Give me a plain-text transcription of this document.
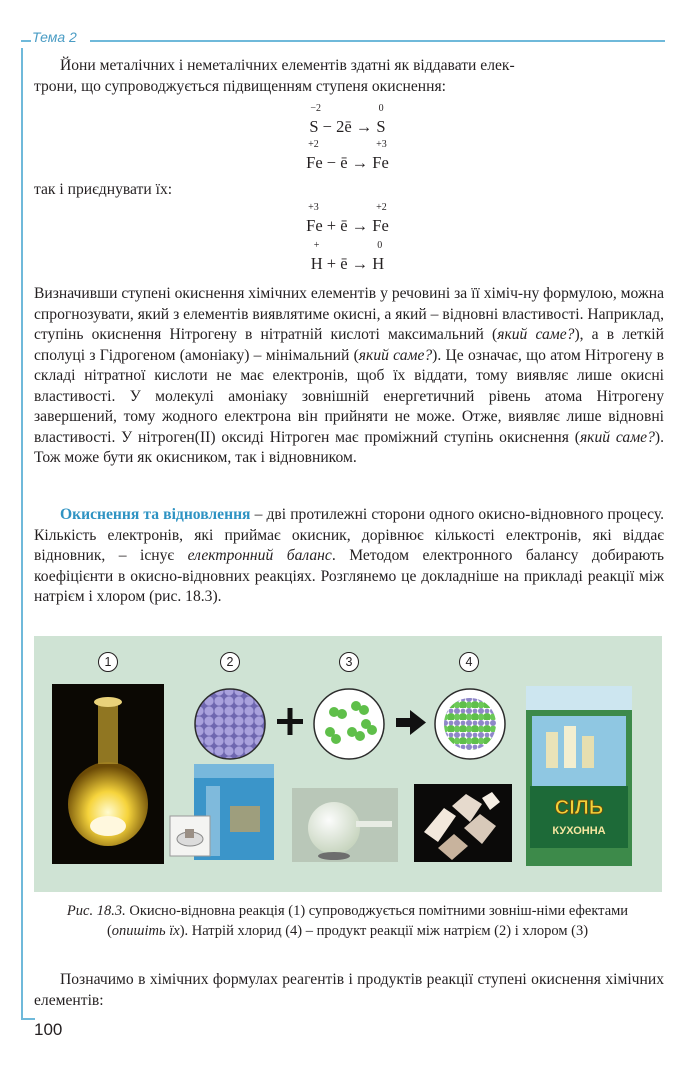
Тема 2
Йони металічних і неметалічних елементів здатні як віддавати елек-
трони, що супроводжується підвищенням ступеня окиснення:
−2	0
S − 2ē → S
+2	+3
Fe − ē → Fe
так і приєднувати їх:
+3	+2
Fe + ē → Fe
+	0
H + ē → H
Визначивши ступені окиснення хімічних елементів у речовині за її хіміч-ну формулою, можна спрогнозувати, який з елементів виявлятиме окисні, а який – відновні властивості. Наприклад, ступінь окиснення Нітрогену в нітратній кислоті максимальний (який саме?), а в леткій сполуці з Гідрогеном (амоніаку) – мінімальний (який саме?). Це означає, що атом Нітрогену в складі нітратної кислоти не має електронів, щоб їх віддати, тому виявляє лише окисні властивості. У молекулі амоніаку зовнішній енергетичний рівень атома Нітрогену завершений, тому жодного електрона він прийняти не може. Отже, виявляє лише відновні властивості. У нітроген(ІІ) оксиді Нітроген має проміжний ступінь окиснення (який саме?). Тож може бути як окисником, так і відновником.
Окиснення та відновлення – дві протилежні сторони одного окисно-відновного процесу. Кількість електронів, які приймає окисник, дорівнює кількості електронів, які віддає відновник, – існує електронний баланс. Методом електронного балансу добирають коефіцієнти в окисно-відновних реакціях. Розглянемо це докладніше на прикладі реакції між натрієм і хлором (рис. 18.3).
1	2	3	4
СІЛЬ
КУХОННА
Рис. 18.3. Окисно-відновна реакція (1) супроводжується помітними зовніш-німи ефектами (опишіть їх). Натрій хлорид (4) – продукт реакції між натрієм (2) і хлором (3)
Позначимо в хімічних формулах реагентів і продуктів реакції ступені окиснення хімічних елементів:
100
